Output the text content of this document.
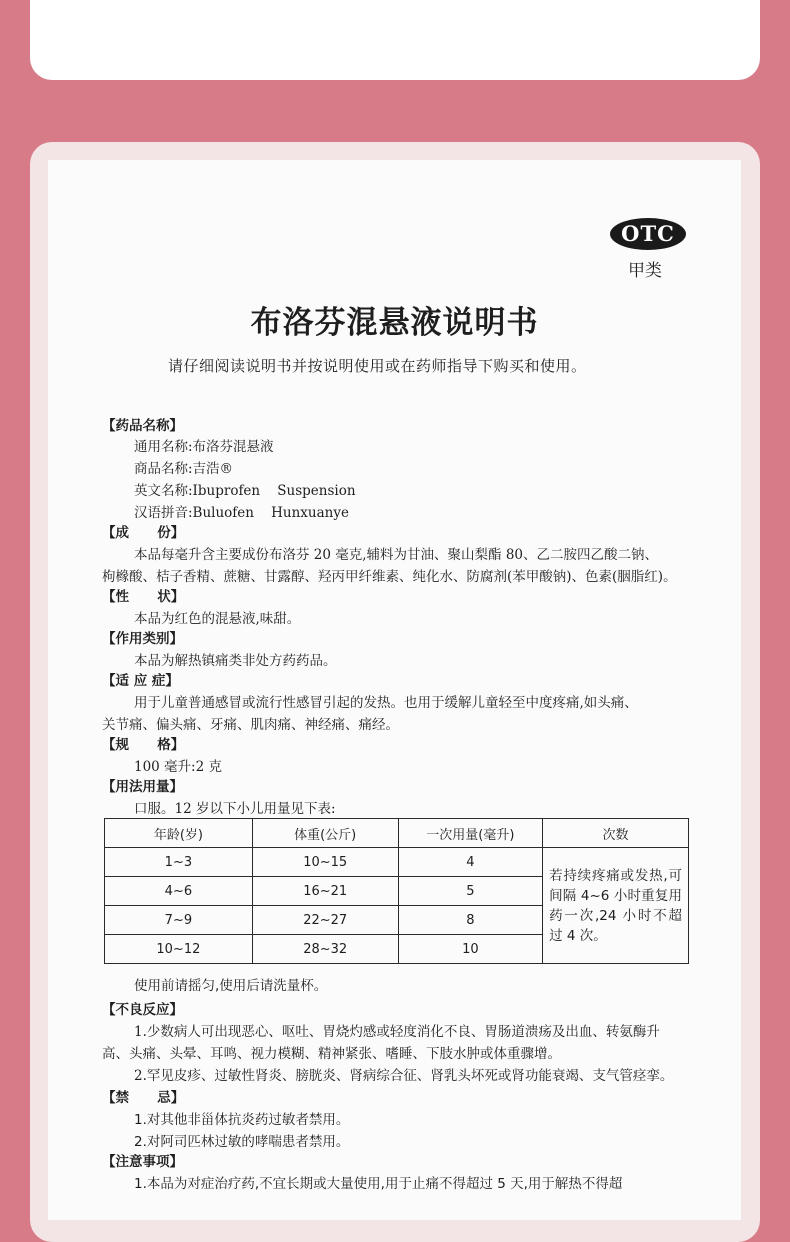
OTC
甲类
布洛芬混悬液说明书
请仔细阅读说明书并按说明使用或在药师指导下购买和使用。
【药品名称】
通用名称:布洛芬混悬液
商品名称:吉浩®
英文名称:Ibuprofen    Suspension
汉语拼音:Buluofen    Hunxuanye
【成      份】
本品每毫升含主要成份布洛芬 20 毫克,辅料为甘油、聚山梨酯 80、乙二胺四乙酸二钠、
枸橼酸、桔子香精、蔗糖、甘露醇、羟丙甲纤维素、纯化水、防腐剂(苯甲酸钠)、色素(胭脂红)。
【性      状】
本品为红色的混悬液,味甜。
【作用类别】
本品为解热镇痛类非处方药药品。
【适 应 症】
用于儿童普通感冒或流行性感冒引起的发热。也用于缓解儿童轻至中度疼痛,如头痛、
关节痛、偏头痛、牙痛、肌肉痛、神经痛、痛经。
【规      格】
100 毫升:2 克
【用法用量】
口服。12 岁以下小儿用量见下表:
年龄(岁)	体重(公斤)	一次用量(毫升)	次数
1~3	10~15	4	若持续疼痛或发热,可间隔 4~6 小时重复用药一次,24 小时不超过 4 次。
4~6	16~21	5	
7~9	22~27	8	
10~12	28~32	10	
使用前请摇匀,使用后请洗量杯。
【不良反应】
1.少数病人可出现恶心、呕吐、胃烧灼感或轻度消化不良、胃肠道溃疡及出血、转氨酶升
高、头痛、头晕、耳鸣、视力模糊、精神紧张、嗜睡、下肢水肿或体重骤增。
2.罕见皮疹、过敏性肾炎、膀胱炎、肾病综合征、肾乳头坏死或肾功能衰竭、支气管痉挛。
【禁      忌】
1.对其他非甾体抗炎药过敏者禁用。
2.对阿司匹林过敏的哮喘患者禁用。
【注意事项】
1.本品为对症治疗药,不宜长期或大量使用,用于止痛不得超过 5 天,用于解热不得超
